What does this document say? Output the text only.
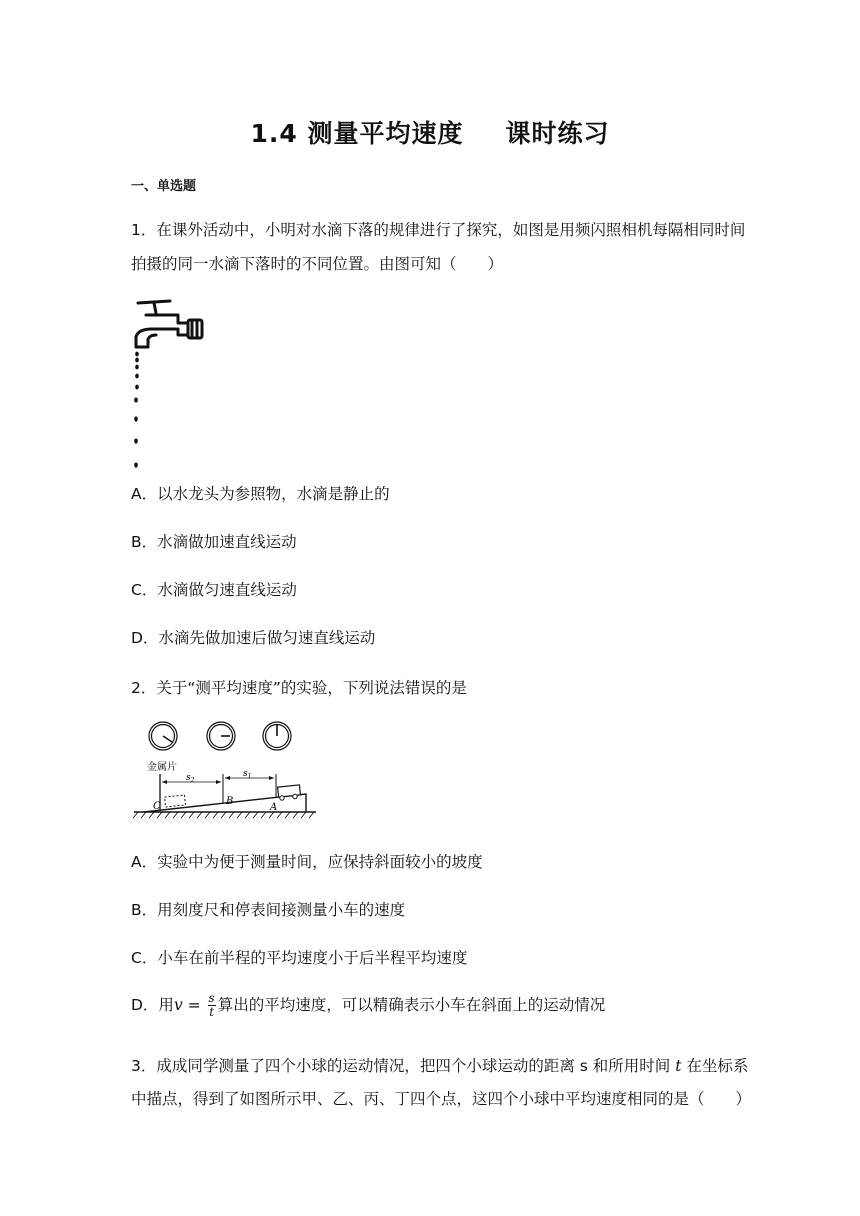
1.4 测量平均速度 课时练习
一、单选题
1．在课外活动中，小明对水滴下落的规律进行了探究，如图是用频闪照相机每隔相同时间
拍摄的同一水滴下落时的不同位置。由图可知（　　）
A．以水龙头为参照物，水滴是静止的
B．水滴做加速直线运动
C．水滴做匀速直线运动
D．水滴先做加速后做匀速直线运动
2．关于“测平均速度”的实验，下列说法错误的是
金属片
$s_2$
$s_1$
C	B
A
A．实验中为便于测量时间，应保持斜面较小的坡度
B．用刻度尺和停表间接测量小车的速度
C．小车在前半程的平均速度小于后半程平均速度
D．用$v = \frac{s}{t}$ 算出的平均速度，可以精确表示小车在斜面上的运动情况
3．成成同学测量了四个小球的运动情况，把四个小球运动的距离 s 和所用时间 t 在坐标系
中描点，得到了如图所示甲、乙、丙、丁四个点，这四个小球中平均速度相同的是（　　）
